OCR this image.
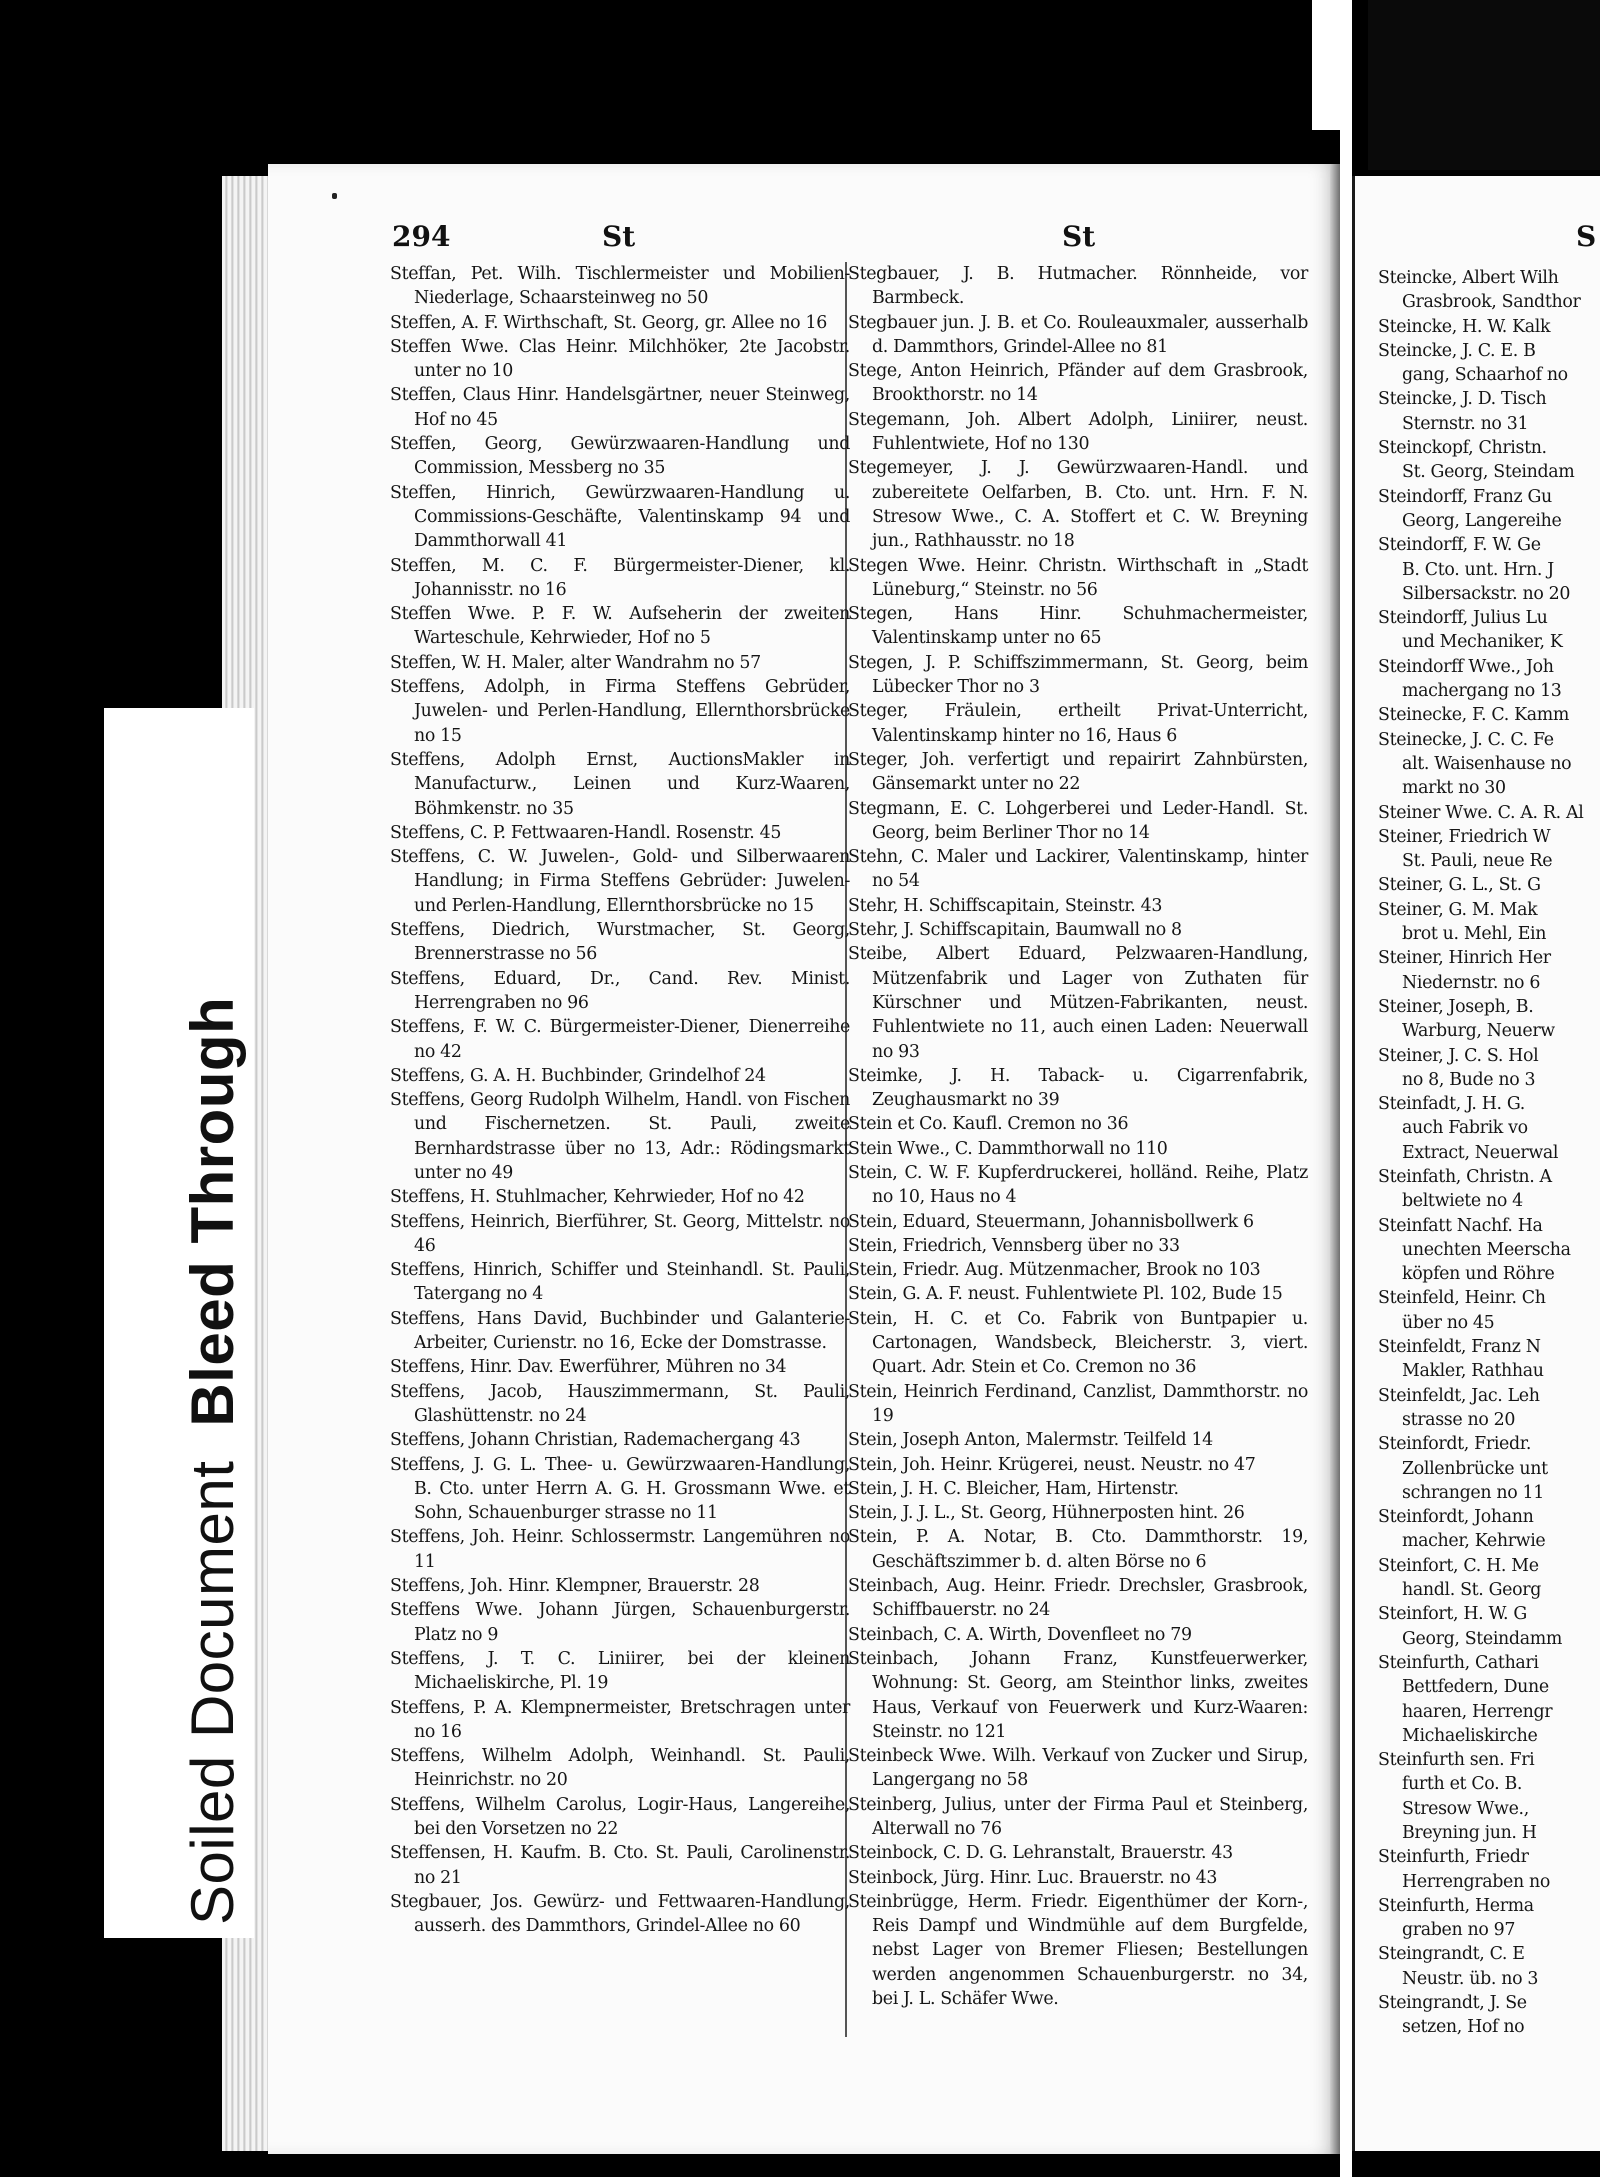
Soiled DocumentBleed Through
294	St	St	S
Steffan, Pet. Wilh. Tischlermeister und Mobilien-Niederlage, Schaarsteinweg no 50
Steffen, A. F. Wirthschaft, St. Georg, gr. Allee no 16
Steffen Wwe. Clas Heinr. Milchhöker, 2te Jacobstr. unter no 10
Steffen, Claus Hinr. Handelsgärtner, neuer Steinweg, Hof no 45
Steffen, Georg, Gewürzwaaren-Handlung und Commission, Messberg no 35
Steffen, Hinrich, Gewürzwaaren-Handlung u. Commissions-Geschäfte, Valentinskamp 94 und Dammthorwall 41
Steffen, M. C. F. Bürgermeister-Diener, kl. Johannisstr. no 16
Steffen Wwe. P. F. W. Aufseherin der zweiten Warteschule, Kehrwieder, Hof no 5
Steffen, W. H. Maler, alter Wandrahm no 57
Steffens, Adolph, in Firma Steffens Gebrüder, Juwelen- und Perlen-Handlung, Ellernthorsbrücke no 15
Steffens, Adolph Ernst, AuctionsMakler in Manufacturw., Leinen und Kurz-Waaren, Böhmkenstr. no 35
Steffens, C. P. Fettwaaren-Handl. Rosenstr. 45
Steffens, C. W. Juwelen-, Gold- und Silberwaaren Handlung; in Firma Steffens Gebrüder: Juwelen- und Perlen-Handlung, Ellernthorsbrücke no 15
Steffens, Diedrich, Wurstmacher, St. Georg, Brennerstrasse no 56
Steffens, Eduard, Dr., Cand. Rev. Minist. Herrengraben no 96
Steffens, F. W. C. Bürgermeister-Diener, Dienerreihe no 42
Steffens, G. A. H. Buchbinder, Grindelhof 24
Steffens, Georg Rudolph Wilhelm, Handl. von Fischen und Fischernetzen. St. Pauli, zweite Bernhardstrasse über no 13, Adr.: Rödingsmarkt unter no 49
Steffens, H. Stuhlmacher, Kehrwieder, Hof no 42
Steffens, Heinrich, Bierführer, St. Georg, Mittelstr. no 46
Steffens, Hinrich, Schiffer und Steinhandl. St. Pauli, Tatergang no 4
Steffens, Hans David, Buchbinder und Galanterie-Arbeiter, Curienstr. no 16, Ecke der Domstrasse.
Steffens, Hinr. Dav. Ewerführer, Mühren no 34
Steffens, Jacob, Hauszimmermann, St. Pauli, Glashüttenstr. no 24
Steffens, Johann Christian, Rademachergang 43
Steffens, J. G. L. Thee- u. Gewürzwaaren-Handlung, B. Cto. unter Herrn A. G. H. Grossmann Wwe. et Sohn, Schauenburger strasse no 11
Steffens, Joh. Heinr. Schlossermstr. Langemühren no 11
Steffens, Joh. Hinr. Klempner, Brauerstr. 28
Steffens Wwe. Johann Jürgen, Schauenburgerstr. Platz no 9
Steffens, J. T. C. Liniirer, bei der kleinen Michaeliskirche, Pl. 19
Steffens, P. A. Klempnermeister, Bretschragen unter no 16
Steffens, Wilhelm Adolph, Weinhandl. St. Pauli, Heinrichstr. no 20
Steffens, Wilhelm Carolus, Logir-Haus, Langereihe, bei den Vorsetzen no 22
Steffensen, H. Kaufm. B. Cto. St. Pauli, Carolinenstr. no 21
Stegbauer, Jos. Gewürz- und Fettwaaren-Handlung, ausserh. des Dammthors, Grindel-Allee no 60
Stegbauer, J. B. Hutmacher. Rönnheide, vor Barmbeck.
Stegbauer jun. J. B. et Co. Rouleauxmaler, ausserhalb d. Dammthors, Grindel-Allee no 81
Stege, Anton Heinrich, Pfänder auf dem Grasbrook, Brookthorstr. no 14
Stegemann, Joh. Albert Adolph, Liniirer, neust. Fuhlentwiete, Hof no 130
Stegemeyer, J. J. Gewürzwaaren-Handl. und zubereitete Oelfarben, B. Cto. unt. Hrn. F. N. Stresow Wwe., C. A. Stoffert et C. W. Breyning jun., Rathhausstr. no 18
Stegen Wwe. Heinr. Christn. Wirthschaft in „Stadt Lüneburg,“ Steinstr. no 56
Stegen, Hans Hinr. Schuhmachermeister, Valentinskamp unter no 65
Stegen, J. P. Schiffszimmermann, St. Georg, beim Lübecker Thor no 3
Steger, Fräulein, ertheilt Privat-Unterricht, Valentinskamp hinter no 16, Haus 6
Steger, Joh. verfertigt und repairirt Zahnbürsten, Gänsemarkt unter no 22
Stegmann, E. C. Lohgerberei und Leder-Handl. St. Georg, beim Berliner Thor no 14
Stehn, C. Maler und Lackirer, Valentinskamp, hinter no 54
Stehr, H. Schiffscapitain, Steinstr. 43
Stehr, J. Schiffscapitain, Baumwall no 8
Steibe, Albert Eduard, Pelzwaaren-Handlung, Mützenfabrik und Lager von Zuthaten für Kürschner und Mützen-Fabrikanten, neust. Fuhlentwiete no 11, auch einen Laden: Neuerwall no 93
Steimke, J. H. Taback- u. Cigarrenfabrik, Zeughausmarkt no 39
Stein et Co. Kaufl. Cremon no 36
Stein Wwe., C. Dammthorwall no 110
Stein, C. W. F. Kupferdruckerei, holländ. Reihe, Platz no 10, Haus no 4
Stein, Eduard, Steuermann, Johannisbollwerk 6
Stein, Friedrich, Vennsberg über no 33
Stein, Friedr. Aug. Mützenmacher, Brook no 103
Stein, G. A. F. neust. Fuhlentwiete Pl. 102, Bude 15
Stein, H. C. et Co. Fabrik von Buntpapier u. Cartonagen, Wandsbeck, Bleicherstr. 3, viert. Quart. Adr. Stein et Co. Cremon no 36
Stein, Heinrich Ferdinand, Canzlist, Dammthorstr. no 19
Stein, Joseph Anton, Malermstr. Teilfeld 14
Stein, Joh. Heinr. Krügerei, neust. Neustr. no 47
Stein, J. H. C. Bleicher, Ham, Hirtenstr.
Stein, J. J. L., St. Georg, Hühnerposten hint. 26
Stein, P. A. Notar, B. Cto. Dammthorstr. 19, Geschäftszimmer b. d. alten Börse no 6
Steinbach, Aug. Heinr. Friedr. Drechsler, Grasbrook, Schiffbauerstr. no 24
Steinbach, C. A. Wirth, Dovenfleet no 79
Steinbach, Johann Franz, Kunstfeuerwerker, Wohnung: St. Georg, am Steinthor links, zweites Haus, Verkauf von Feuerwerk und Kurz-Waaren: Steinstr. no 121
Steinbeck Wwe. Wilh. Verkauf von Zucker und Sirup, Langergang no 58
Steinberg, Julius, unter der Firma Paul et Steinberg, Alterwall no 76
Steinbock, C. D. G. Lehranstalt, Brauerstr. 43
Steinbock, Jürg. Hinr. Luc. Brauerstr. no 43
Steinbrügge, Herm. Friedr. Eigenthümer der Korn-, Reis Dampf und Windmühle auf dem Burgfelde, nebst Lager von Bremer Fliesen; Bestellungen werden angenommen Schauenburgerstr. no 34, bei J. L. Schäfer Wwe.
Steincke, Albert Wilh
Grasbrook, Sandthor
Steincke, H. W. Kalk
Steincke, J. C. E. B
gang, Schaarhof no
Steincke, J. D. Tisch
Sternstr. no 31
Steinckopf, Christn.
St. Georg, Steindam
Steindorff, Franz Gu
Georg, Langereihe
Steindorff, F. W. Ge
B. Cto. unt. Hrn. J
Silbersackstr. no 20
Steindorff, Julius Lu
und Mechaniker, K
Steindorff Wwe., Joh
machergang no 13
Steinecke, F. C. Kamm
Steinecke, J. C. C. Fe
alt. Waisenhause no
markt no 30
Steiner Wwe. C. A. R. Al
Steiner, Friedrich W
St. Pauli, neue Re
Steiner, G. L., St. G
Steiner, G. M. Mak
brot u. Mehl, Ein
Steiner, Hinrich Her
Niedernstr. no 6
Steiner, Joseph, B.
Warburg, Neuerw
Steiner, J. C. S. Hol
no 8, Bude no 3
Steinfadt, J. H. G.
auch Fabrik vo
Extract, Neuerwal
Steinfath, Christn. A
beltwiete no 4
Steinfatt Nachf. Ha
unechten Meerscha
köpfen und Röhre
Steinfeld, Heinr. Ch
über no 45
Steinfeldt, Franz N
Makler, Rathhau
Steinfeldt, Jac. Leh
strasse no 20
Steinfordt, Friedr.
Zollenbrücke unt
schrangen no 11
Steinfordt, Johann
macher, Kehrwie
Steinfort, C. H. Me
handl. St. Georg
Steinfort, H. W. G
Georg, Steindamm
Steinfurth, Cathari
Bettfedern, Dune
haaren, Herrengr
Michaeliskirche
Steinfurth sen. Fri
furth et Co. B.
Stresow Wwe.,
Breyning jun. H
Steinfurth, Friedr
Herrengraben no
Steinfurth, Herma
graben no 97
Steingrandt, C. E
Neustr. üb. no 3
Steingrandt, J. Se
setzen, Hof no
